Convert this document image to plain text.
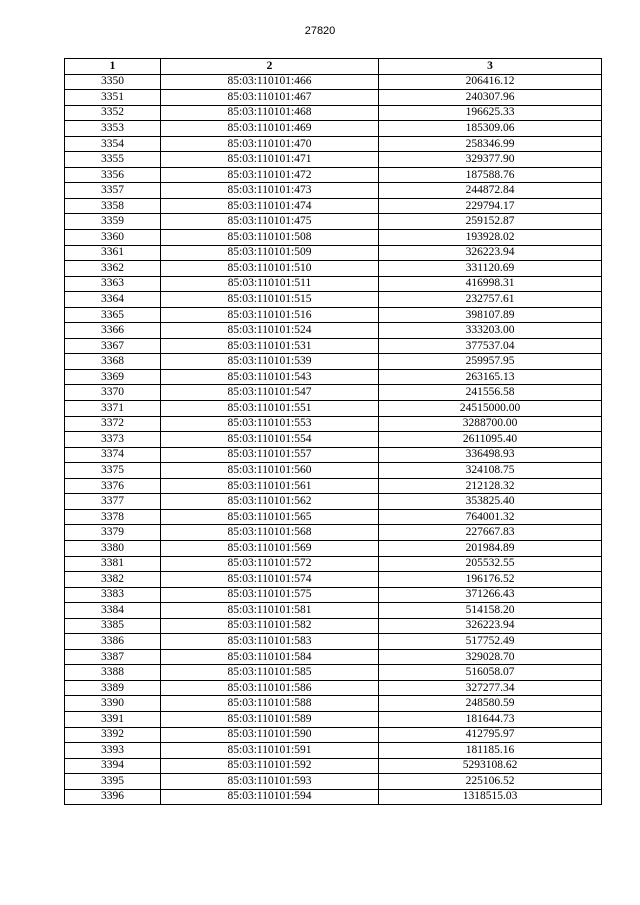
27820
1	2	3
3350	85:03:110101:466	206416.12
3351	85:03:110101:467	240307.96
3352	85:03:110101:468	196625.33
3353	85:03:110101:469	185309.06
3354	85:03:110101:470	258346.99
3355	85:03:110101:471	329377.90
3356	85:03:110101:472	187588.76
3357	85:03:110101:473	244872.84
3358	85:03:110101:474	229794.17
3359	85:03:110101:475	259152.87
3360	85:03:110101:508	193928.02
3361	85:03:110101:509	326223.94
3362	85:03:110101:510	331120.69
3363	85:03:110101:511	416998.31
3364	85:03:110101:515	232757.61
3365	85:03:110101:516	398107.89
3366	85:03:110101:524	333203.00
3367	85:03:110101:531	377537.04
3368	85:03:110101:539	259957.95
3369	85:03:110101:543	263165.13
3370	85:03:110101:547	241556.58
3371	85:03:110101:551	24515000.00
3372	85:03:110101:553	3288700.00
3373	85:03:110101:554	2611095.40
3374	85:03:110101:557	336498.93
3375	85:03:110101:560	324108.75
3376	85:03:110101:561	212128.32
3377	85:03:110101:562	353825.40
3378	85:03:110101:565	764001.32
3379	85:03:110101:568	227667.83
3380	85:03:110101:569	201984.89
3381	85:03:110101:572	205532.55
3382	85:03:110101:574	196176.52
3383	85:03:110101:575	371266.43
3384	85:03:110101:581	514158.20
3385	85:03:110101:582	326223.94
3386	85:03:110101:583	517752.49
3387	85:03:110101:584	329028.70
3388	85:03:110101:585	516058.07
3389	85:03:110101:586	327277.34
3390	85:03:110101:588	248580.59
3391	85:03:110101:589	181644.73
3392	85:03:110101:590	412795.97
3393	85:03:110101:591	181185.16
3394	85:03:110101:592	5293108.62
3395	85:03:110101:593	225106.52
3396	85:03:110101:594	1318515.03
